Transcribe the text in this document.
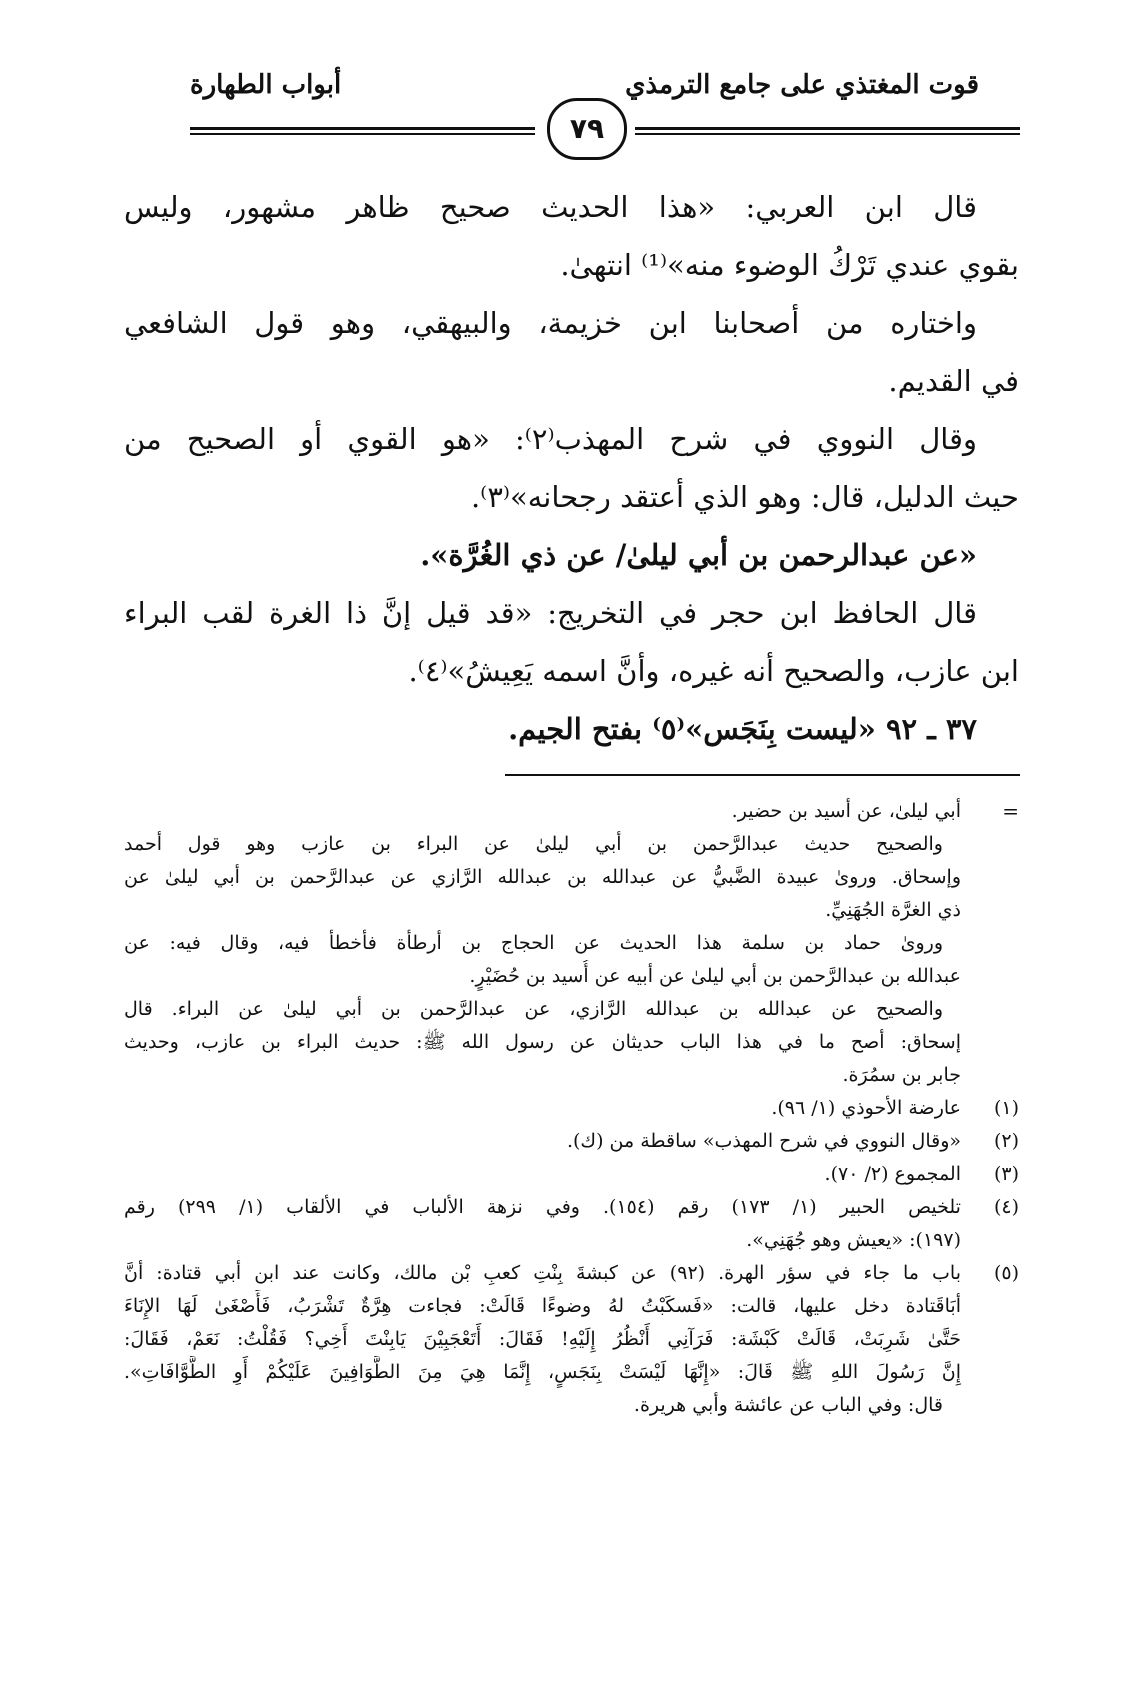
قوت المغتذي على جامع الترمذي
أبواب الطهارة
٧٩
قال ابن العربي: «هذا الحديث صحيح ظاهر مشهور، وليس
بقوي عندي تَرْكُ الوضوء منه»⁽¹⁾ انتهىٰ.
واختاره من أصحابنا ابن خزيمة، والبيهقي، وهو قول الشافعي
في القديم.
وقال النووي في شرح المهذب⁽٢⁾: «هو القوي أو الصحيح من
حيث الدليل، قال: وهو الذي أعتقد رجحانه»⁽٣⁾.
«عن عبدالرحمن بن أبي ليلىٰ/ عن ذي الغُرَّة».
قال الحافظ ابن حجر في التخريج: «قد قيل إنَّ ذا الغرة لقب البراء
ابن عازب، والصحيح أنه غيره، وأنَّ اسمه يَعِيشُ»⁽٤⁾.
٣٧ ـ ٩٢ «ليست بِنَجَس»⁽٥⁾ بفتح الجيم.
=
أبي ليلىٰ، عن أسيد بن حضير.
والصحيح حديث عبدالرَّحمن بن أبي ليلىٰ عن البراء بن عازب وهو قول أحمد
وإسحاق. وروىٰ عبيدة الضَّبيُّ عن عبدالله بن عبدالله الرَّازي عن عبدالرَّحمن بن أبي ليلىٰ عن
ذي الغرَّة الجُهَنِيِّ.
وروىٰ حماد بن سلمة هذا الحديث عن الحجاج بن أرطأة فأخطأ فيه، وقال فيه: عن
عبدالله بن عبدالرَّحمن بن أبي ليلىٰ عن أبيه عن أُسيد بن حُضَيْرٍ.
والصحيح عن عبدالله بن عبدالله الرَّازي، عن عبدالرَّحمن بن أبي ليلىٰ عن البراء. قال
إسحاق: أصح ما في هذا الباب حديثان عن رسول الله ﷺ: حديث البراء بن عازب، وحديث
جابر بن سمُرَة.
(١)
عارضة الأحوذي (١/ ٩٦).
(٢)
«وقال النووي في شرح المهذب» ساقطة من (ك).
(٣)
المجموع (٢/ ٧٠).
(٤)
تلخيص الحبير (١/ ١٧٣) رقم (١٥٤). وفي نزهة الألباب في الألقاب (١/ ٢٩٩) رقم
(١٩٧): «يعيش وهو جُهَنِي».
(٥)
باب ما جاء في سؤر الهرة. (٩٢) عن كبشةَ بِنْتِ كعبِ بْن مالك، وكانت عند ابن أبي قتادة: أنَّ
أبَاقَتادة دخل عليها، قالت: «فَسكَبْتُ لهُ وضوءًا قَالَتْ: فجاءت هِرَّةٌ تَشْرَبُ، فَأَصْغَىٰ لَهَا الإِنَاءَ
حَتَّىٰ شَرِبَتْ، قَالَتْ كَبْشَة: فَرَآنِي أَنْظُرُ إِلَيْهِ! فَقَالَ: أَتَعْجَبِيْنَ يَابِنْتَ أَخِي؟ فَقُلْتُ: نَعَمْ، فَقَالَ:
إِنَّ رَسُولَ اللهِ ﷺ قَالَ: «إِنَّهَا لَيْسَتْ بِنَجَسٍ، إِنَّمَا هِيَ مِنَ الطَّوَافِينَ عَلَيْكُمْ أَوِ الطَّوَّافَاتِ».
قال: وفي الباب عن عائشة وأبي هريرة.
